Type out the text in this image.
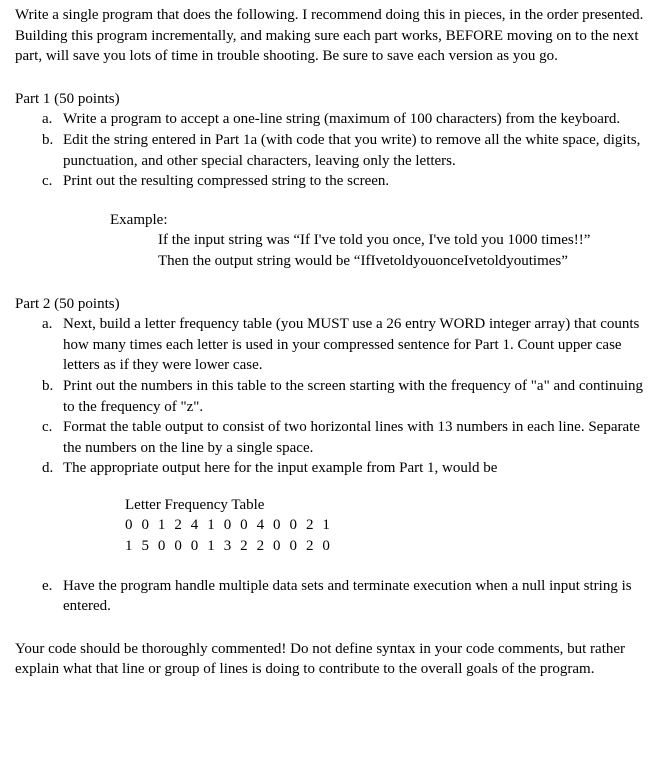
Write a single program that does the following. I recommend doing this in pieces, in the order presented. Building this program incrementally, and making sure each part works, BEFORE moving on to the next part, will save you lots of time in trouble shooting. Be sure to save each version as you go.

Part 1 (50 points)

a. Write a program to accept a one-line string (maximum of 100 characters) from the keyboard.
b. Edit the string entered in Part 1a (with code that you write) to remove all the white space, digits, punctuation, and other special characters, leaving only the letters.
c. Print out the resulting compressed string to the screen.

Example:

If the input string was “If I've told you once, I've told you 1000 times!!”

Then the output string would be “IfIvetoldyouonceIvetoldyoutimes”

Part 2 (50 points)

a. Next, build a letter frequency table (you MUST use a 26 entry WORD integer array) that counts how many times each letter is used in your compressed sentence for Part 1. Count upper case letters as if they were lower case.
b. Print out the numbers in this table to the screen starting with the frequency of "a" and continuing to the frequency of "z".
c. Format the table output to consist of two horizontal lines with 13 numbers in each line. Separate the numbers on the line by a single space.
d. The appropriate output here for the input example from Part 1, would be

Letter Frequency Table

0 0 1 2 4 1 0 0 4 0 0 2 1

1 5 0 0 0 1 3 2 2 0 0 2 0

e. Have the program handle multiple data sets and terminate execution when a null input string is entered.

Your code should be thoroughly commented! Do not define syntax in your code comments, but rather explain what that line or group of lines is doing to contribute to the overall goals of the program.
